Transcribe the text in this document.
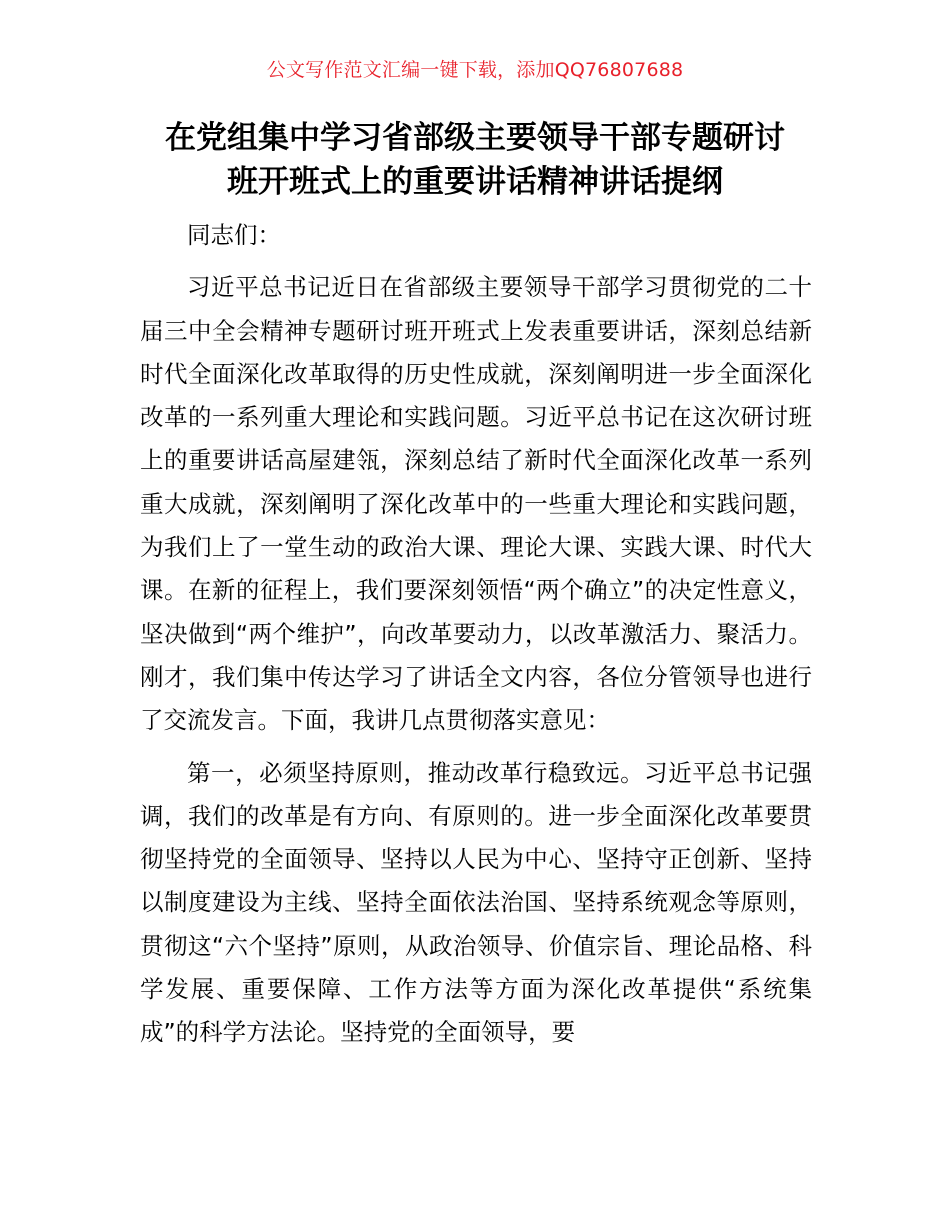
公文写作范文汇编一键下载，添加QQ76807688
在党组集中学习省部级主要领导干部专题研讨
班开班式上的重要讲话精神讲话提纲

同志们：

习近平总书记近日在省部级主要领导干部学习贯彻党的二十届三中全会精神专题研讨班开班式上发表重要讲话，深刻总结新时代全面深化改革取得的历史性成就，深刻阐明进一步全面深化改革的一系列重大理论和实践问题。习近平总书记在这次研讨班上的重要讲话高屋建瓴，深刻总结了新时代全面深化改革一系列重大成就，深刻阐明了深化改革中的一些重大理论和实践问题，为我们上了一堂生动的政治大课、理论大课、实践大课、时代大课。在新的征程上，我们要深刻领悟“两个确立”的决定性意义，坚决做到“两个维护”，向改革要动力，以改革激活力、聚活力。刚才，我们集中传达学习了讲话全文内容，各位分管领导也进行了交流发言。下面，我讲几点贯彻落实意见：

第一，必须坚持原则，推动改革行稳致远。习近平总书记强调，我们的改革是有方向、有原则的。进一步全面深化改革要贯彻坚持党的全面领导、坚持以人民为中心、坚持守正创新、坚持以制度建设为主线、坚持全面依法治国、坚持系统观念等原则，贯彻这“六个坚持”原则，从政治领导、价值宗旨、理论品格、科学发展、重要保障、工作方法等方面为深化改革提供“系统集成”的科学方法论。坚持党的全面领导，要
